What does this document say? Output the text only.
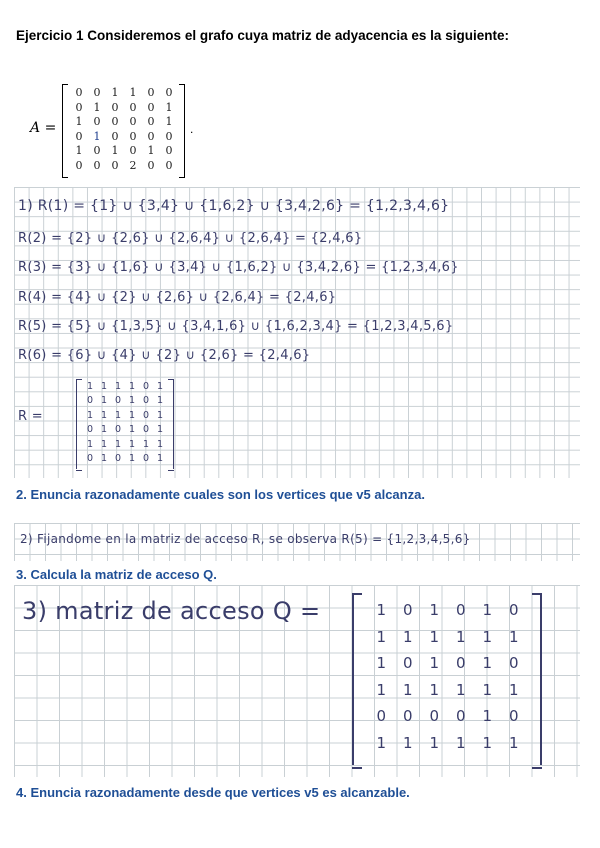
Ejercicio 1 Consideremos el grafo cuya matriz de adyacencia es la siguiente:
A =
0	0	1	1	0	0
0	1	0	0	0	1
1	0	0	0	0	1
0	1	0	0	0	0
1	0	1	0	1	0
0	0	0	2	0	0
.
1) R(1) = {1} ∪ {3,4} ∪ {1,6,2} ∪ {3,4,2,6} = {1,2,3,4,6}
R(2) = {2} ∪ {2,6} ∪ {2,6,4} ∪ {2,6,4} = {2,4,6}
R(3) = {3} ∪ {1,6} ∪ {3,4} ∪ {1,6,2} ∪ {3,4,2,6} = {1,2,3,4,6}
R(4) = {4} ∪ {2} ∪ {2,6} ∪ {2,6,4} = {2,4,6}
R(5) = {5} ∪ {1,3,5} ∪ {3,4,1,6} ∪ {1,6,2,3,4} = {1,2,3,4,5,6}
R(6) = {6} ∪ {4} ∪ {2} ∪ {2,6} = {2,4,6}
R =
1 1 1 1 0 1
0 1 0 1 0 1
1 1 1 1 0 1
0 1 0 1 0 1
1 1 1 1 1 1
0 1 0 1 0 1
2. Enuncia razonadamente cuales son los vertices que v5 alcanza.
2) Fijandome en la matriz de acceso R, se observa R(5) = {1,2,3,4,5,6}
3. Calcula la matriz de acceso Q.
3) matriz de acceso Q =	1	0	1	0	1	0
1	1	1	1	1	1
1	0	1	0	1	0
1	1	1	1	1	1
0	0	0	0	1	0
1	1	1	1	1	1
4. Enuncia razonadamente desde que vertices v5 es alcanzable.
